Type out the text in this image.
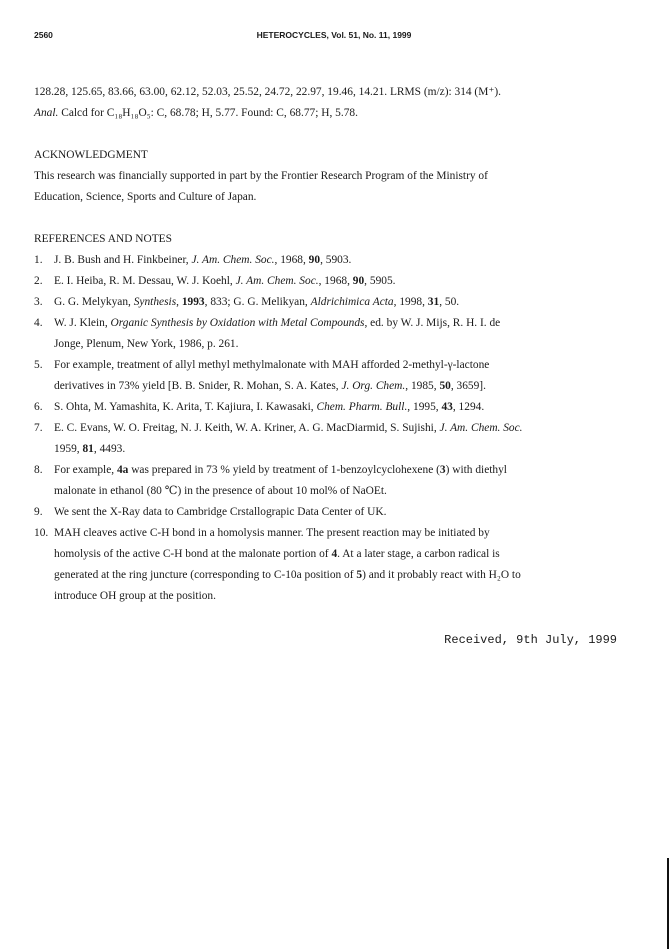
2560	HETEROCYCLES, Vol. 51, No. 11, 1999
128.28, 125.65, 83.66, 63.00, 62.12, 52.03, 25.52, 24.72, 22.97, 19.46, 14.21. LRMS (m/z): 314 (M⁺).
Anal. Calcd for C₁₈H₁₈O₅: C, 68.78; H, 5.77. Found: C, 68.77; H, 5.78.
ACKNOWLEDGMENT
This research was financially supported in part by the Frontier Research Program of the Ministry of
Education, Science, Sports and Culture of Japan.
REFERENCES AND NOTES
1.	J. B. Bush and H. Finkbeiner, J. Am. Chem. Soc., 1968, 90, 5903.
2.	E. I. Heiba, R. M. Dessau, W. J. Koehl, J. Am. Chem. Soc., 1968, 90, 5905.
3.	G. G. Melykyan, Synthesis, 1993, 833; G. G. Melikyan, Aldrichimica Acta, 1998, 31, 50.
4.	W. J. Klein, Organic Synthesis by Oxidation with Metal Compounds, ed. by W. J. Mijs, R. H. I. de
Jonge, Plenum, New York, 1986, p. 261.
5.	For example, treatment of allyl methyl methylmalonate with MAH afforded 2-methyl-γ-lactone
derivatives in 73% yield [B. B. Snider, R. Mohan, S. A. Kates, J. Org. Chem., 1985, 50, 3659].
6.	S. Ohta, M. Yamashita, K. Arita, T. Kajiura, I. Kawasaki, Chem. Pharm. Bull., 1995, 43, 1294.
7.	E. C. Evans, W. O. Freitag, N. J. Keith, W. A. Kriner, A. G. MacDiarmid, S. Sujishi, J. Am. Chem. Soc.
1959, 81, 4493.
8.	For example, 4a was prepared in 73 % yield by treatment of 1-benzoylcyclohexene (3) with diethyl
malonate in ethanol (80 ℃) in the presence of about 10 mol% of NaOEt.
9.	We sent the X-Ray data to Cambridge Crstallograpic Data Center of UK.
10. MAH cleaves active C-H bond in a homolysis manner. The present reaction may be initiated by
homolysis of the active C-H bond at the malonate portion of 4. At a later stage, a carbon radical is
generated at the ring juncture (corresponding to C-10a position of 5) and it probably react with H₂O to
introduce OH group at the position.
Received, 9th July, 1999
